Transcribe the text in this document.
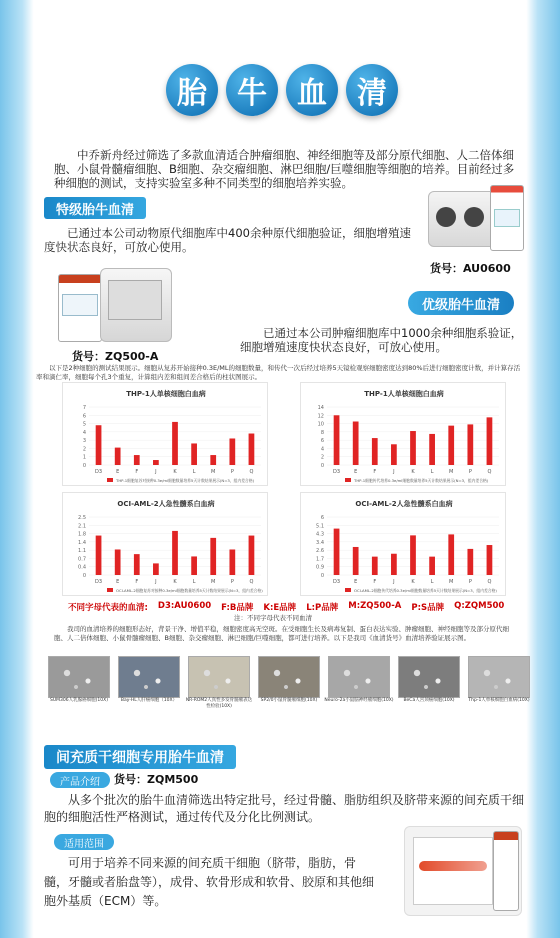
胎	牛	血	清
中乔新舟经过筛选了多款血清适合肿瘤细胞、神经细胞等及部分原代细胞、人二倍体细胞、小鼠骨髓瘤细胞、B细胞、杂交瘤细胞、淋巴细胞/巨噬细胞等细胞的培养。目前经过多种细胞的测试，支持实验室多种不同类型的细胞培养实验。
特级胎牛血清
已通过本公司动物原代细胞库中400余种原代细胞验证，细胞增殖速度快状态良好，可放心使用。
货号：AU0600
优级胎牛血清
货号：ZQ500-A
已通过本公司肿瘤细胞库中1000余种细胞系验证，细胞增殖速度快状态良好，可放心使用。
以下是2种细胞的测试结果展示。细胞从复苏开始接种0.3E/ML的细胞数量，和传代一次后经过培养5天镜检观察细胞密度达到80%后进行细胞密度计数，并计算存活率和滴仁率，细胞每个孔3个重复，计算组内差和组间差合格后的柱状图展示。
THP-1人单核细胞白血病
0
1
2
3
4
5
6
7
D3	E	F	J	K	L	M	P	Q
THP-1细胞复苏对接种0.3e/ml细胞数量培养5天计数结果展示(N=3，组内差合格)
THP-1人单核细胞白血病
0
2
4
6
8
10
12
14
D3	E	F	J	K	L	M	P	Q
THP-1细胞传代培养0.3e/ml细胞数量培养5天计数结果展示(N=3，组内差合格)
OCI-AML-2人急性髓系白血病
0
0.4
0.7
1.1
1.4
1.8
2.1
2.5
D3	E	F	J	K	L	M	P	Q
OCI-AML-2细胞复苏对接种0.3e/ml细胞数量培养5天计数结果展示(N=3，组内差合格)
OCI-AML-2人急性髓系白血病
0
0.9
1.7
2.6
3.4
4.3
5.1
6
D3	E	F	J	K	L	M	P	Q
OCI-AML-2细胞传代培养0.3e/ml细胞数量培养5天计数结果展示(N=3，组内差合格)
不同字母代表的血清: D3:AU0600 F:B品牌 K:E品牌 L:P品牌 M:ZQ500-A P:S品牌 Q:ZQM500
注：不同字母代表不同血清
我司的血清培养的细胞形态好，背景干净、增值平稳，细胞密度高无空斑。在受细胞生长及病毒复制、蛋白表达实验、肿瘤细胞、神经细胞等及部分原代细胞、人二倍体细胞、小鼠骨髓瘤细胞、B细胞、杂交瘤细胞、淋巴细胞/巨噬细胞，都可进行培养。以下是我司《血清货号》血清培养验证展示图。
SUM306人乳腺癌细胞(10X)	Bay-HL人肝癌细胞（10X）	NR-ROM2人真性多发骨髓瘤表达性检验(10X)
SP2/0小鼠骨髓瘤细胞(10X)	Neuro-2a小鼠脑神经瘤细胞(10X)	BeCa人宫颈癌细胞(10X)	Thp-1人单核细胞白血病(10X)
间充质干细胞专用胎牛血清
产品介绍	货号：ZQM500
从多个批次的胎牛血清筛选出特定批号，经过骨髓、脂肪组织及脐带来源的间充质干细胞的细胞活性严格测试，通过传代及分化比例测试。
适用范围
可用于培养不同来源的间充质干细胞（脐带，脂肪，骨髓，牙髓或者胎盘等），成骨、软骨形成和软骨、胶原和其他细胞外基质（ECM）等。
